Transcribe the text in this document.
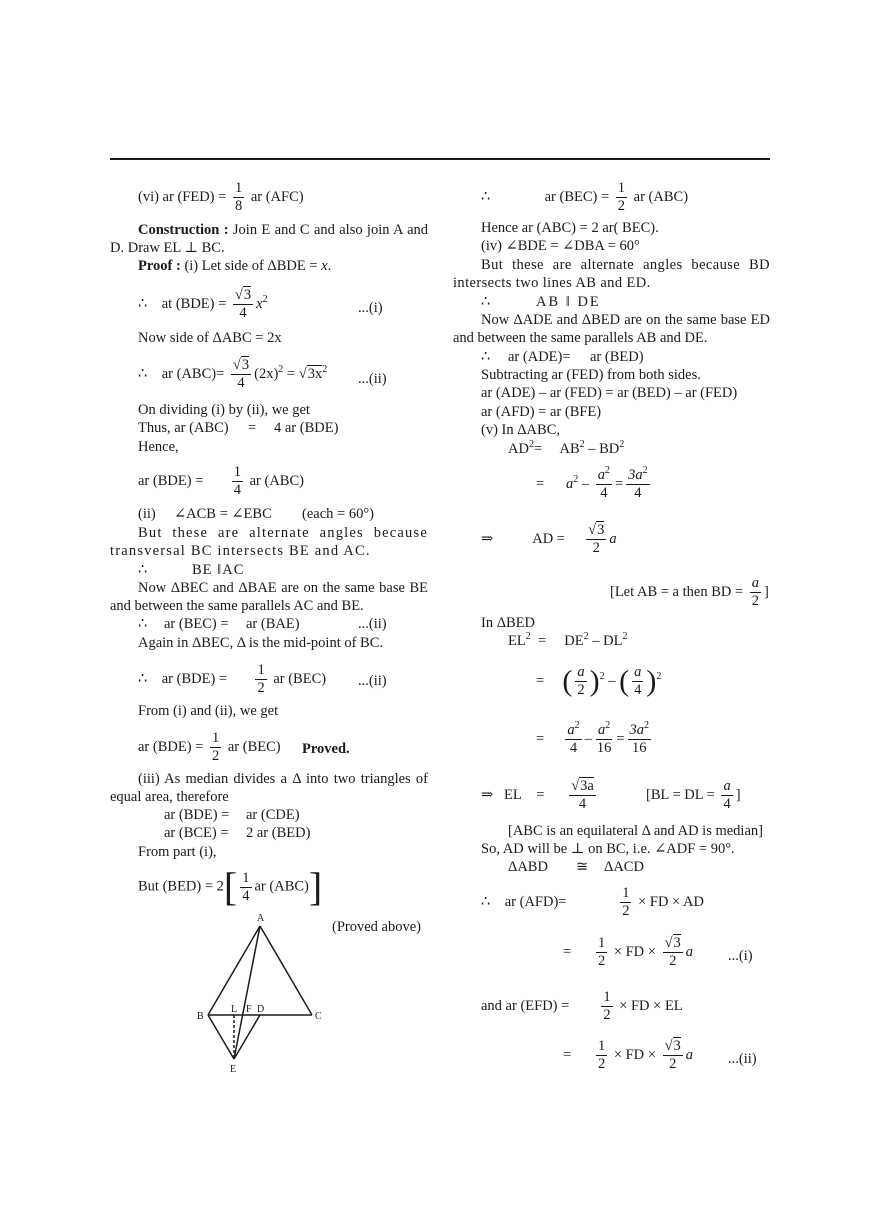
(vi) ar $(FED) = \frac{1}{8}$ ar (AFC)
Construction : Join E and C and also join A and D. Draw EL ⊥ BC.
Proof : (i) Let side of ΔBDE = x.
∴ at (BDE) = √ $\frac{3}{4} x^2$
...(i)
Now side of ΔABC = 2x
∴ ar (ABC)= √ $\frac{3}{4} (2x)^2$ = √ $3x^2$
...(ii)
On dividing (i) by (ii), we get
Thus, ar (ABC) = 4 ar (BDE)
Hence,
ar $(BDE) = \frac{1}{4}$ ar (ABC)
(ii) ∠ACB = ∠EBC (each = 60°)
But these are alternate angles because transversal BC intersects BE and AC.
∴	BE ‖AC
Now ΔBEC and ΔBAE are on the same base BE and between the same parallels AC and BE.
∴ ar (BEC) = ar (BAE)	...(ii)
Again in ΔBEC, Δ is the mid-point of BC.
∴ ar $(BDE) = \frac{1}{2}$ ar (BEC) ...(ii)
From (i) and (ii), we get
ar $(BDE) = \frac{1}{2}$ ar (BEC) Proved.
(iii) As median divides a Δ into two triangles of equal area, therefore
ar (BDE) = ar (CDE)
ar (BCE) = 2 ar (BED)
From part (i),
But $(BED) = 2[ \frac{1}{4}$ ar (ABC)]
(Proved above)
A
B	C
L F D
E
∴	ar $(BEC) = \frac{1}{2}$ ar (ABC)
Hence ar (ABC) = 2 ar( BEC).
(iv) ∠BDE = ∠DBA = 60°
But these are alternate angles because BD intersects two lines AB and ED.
∴	AB ‖ DE
Now ΔADE and ΔBED are on the same base ED and between the same parallels AB and DE.
∴ ar (ADE)= ar (BED)
Subtracting ar (FED) from both sides.
ar (ADE) – ar (FED) = ar (BED) – ar (FED)
ar (AFD) = ar (BFE)
(v) In ΔABC,
$AD^2= AB^2 - BD^2$
= $a^2 - \frac{a^2}{4} = \frac{3a^2}{4}$
⇒	AD = √ $\frac{3}{2}$ a
[Let AB = a then BD = $\frac{a}{2}$ ]
In ΔBED
$EL^2 = DE^2 - DL^2$
= ( $\frac{a}{2} )^2$ – ( $\frac{a}{4} )^2$
= $\frac{a^2}{4} - \frac{a^2}{16} = \frac{3a^2}{16}$
⇒ EL = √ $\frac{3a}{4}$	[BL = DL = $\frac{a}{4}$ ]
[ABC is an equilateral Δ and AD is median]
So, AD will be ⊥ on BC, i.e. ∠ADF = 90°.
ΔABD ≅ ΔACD
∴ ar (AFD)=	$\frac{1}{2}$ × FD × AD
= $\frac{1}{2}$ × FD × √ $\frac{3}{2}$ a ...(i)
and ar $(EFD) = \frac{1}{2}$ × FD × EL
= $\frac{1}{2}$ × FD × √ $\frac{3}{2}$ a ...(ii)
